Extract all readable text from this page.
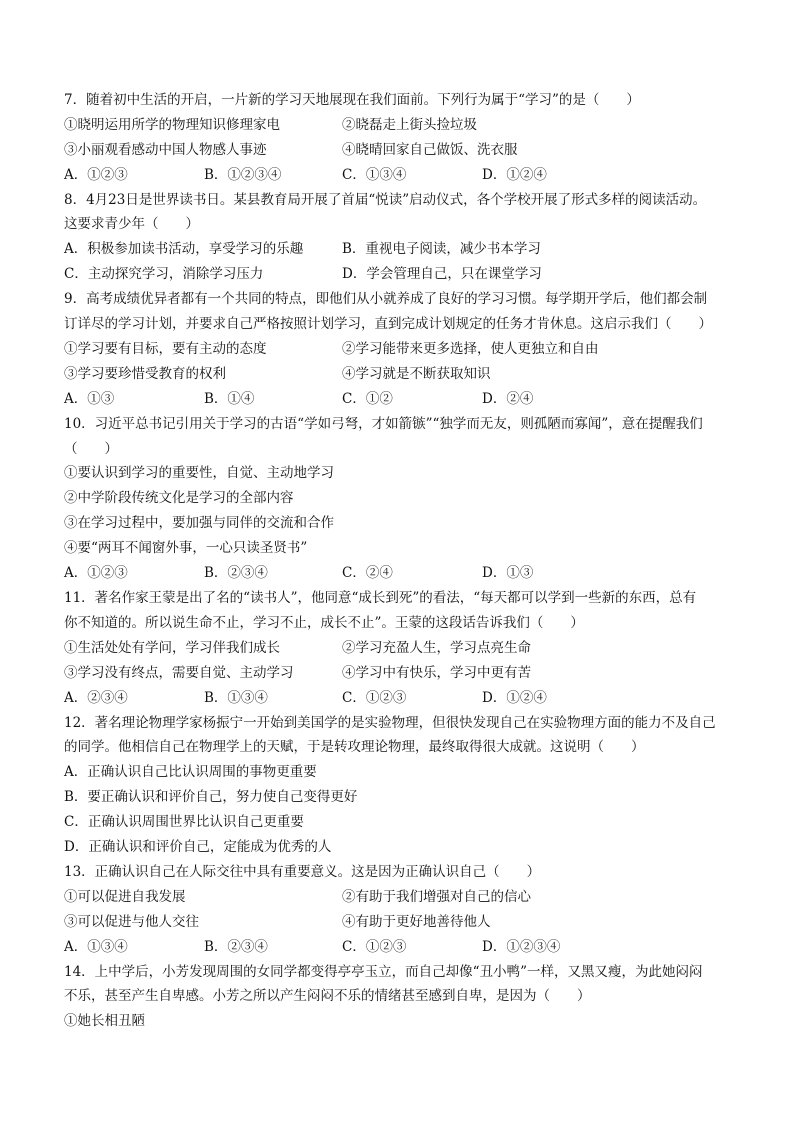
7．随着初中生活的开启，一片新的学习天地展现在我们面前。下列行为属于“学习”的是（　　）
①晓明运用所学的物理知识修理家电	②晓磊走上街头捡垃圾
③小丽观看感动中国人物感人事迹	④晓晴回家自己做饭、洗衣服
A．①②③	B．①②③④	C．①③④	D．①②④
8．4月23日是世界读书日。某县教育局开展了首届“悦读”启动仪式，各个学校开展了形式多样的阅读活动。
这要求青少年（　　）
A．积极参加读书活动，享受学习的乐趣	B．重视电子阅读，减少书本学习
C．主动探究学习，消除学习压力	D．学会管理自己，只在课堂学习
9．高考成绩优异者都有一个共同的特点，即他们从小就养成了良好的学习习惯。每学期开学后，他们都会制
订详尽的学习计划，并要求自己严格按照计划学习，直到完成计划规定的任务才肯休息。这启示我们（　　）
①学习要有目标，要有主动的态度	②学习能带来更多选择，使人更独立和自由
③学习要珍惜受教育的权利	④学习就是不断获取知识
A．①③	B．①④	C．①②	D．②④
10．习近平总书记引用关于学习的古语“学如弓弩，才如箭镞”“独学而无友，则孤陋而寡闻”，意在提醒我们
（　　）
①要认识到学习的重要性，自觉、主动地学习
②中学阶段传统文化是学习的全部内容
③在学习过程中，要加强与同伴的交流和合作
④要“两耳不闻窗外事，一心只读圣贤书”
A．①②③	B．②③④	C．②④	D．①③
11．著名作家王蒙是出了名的“读书人”，他同意“成长到死”的看法，“每天都可以学到一些新的东西，总有
你不知道的。所以说生命不止，学习不止，成长不止”。王蒙的这段话告诉我们（　　）
①生活处处有学问，学习伴我们成长	②学习充盈人生，学习点亮生命
③学习没有终点，需要自觉、主动学习	④学习中有快乐，学习中更有苦
A．②③④	B．①③④	C．①②③	D．①②④
12．著名理论物理学家杨振宁一开始到美国学的是实验物理，但很快发现自己在实验物理方面的能力不及自己
的同学。他相信自己在物理学上的天赋，于是转攻理论物理，最终取得很大成就。这说明（　　）
A．正确认识自己比认识周围的事物更重要
B．要正确认识和评价自己，努力使自己变得更好
C．正确认识周围世界比认识自己更重要
D．正确认识和评价自己，定能成为优秀的人
13．正确认识自己在人际交往中具有重要意义。这是因为正确认识自己（　　）
①可以促进自我发展	②有助于我们增强对自己的信心
③可以促进与他人交往	④有助于更好地善待他人
A．①③④	B．②③④	C．①②③	D．①②③④
14．上中学后，小芳发现周围的女同学都变得亭亭玉立，而自己却像“丑小鸭”一样，又黑又瘦，为此她闷闷
不乐，甚至产生自卑感。小芳之所以产生闷闷不乐的情绪甚至感到自卑，是因为（　　）
①她长相丑陋
